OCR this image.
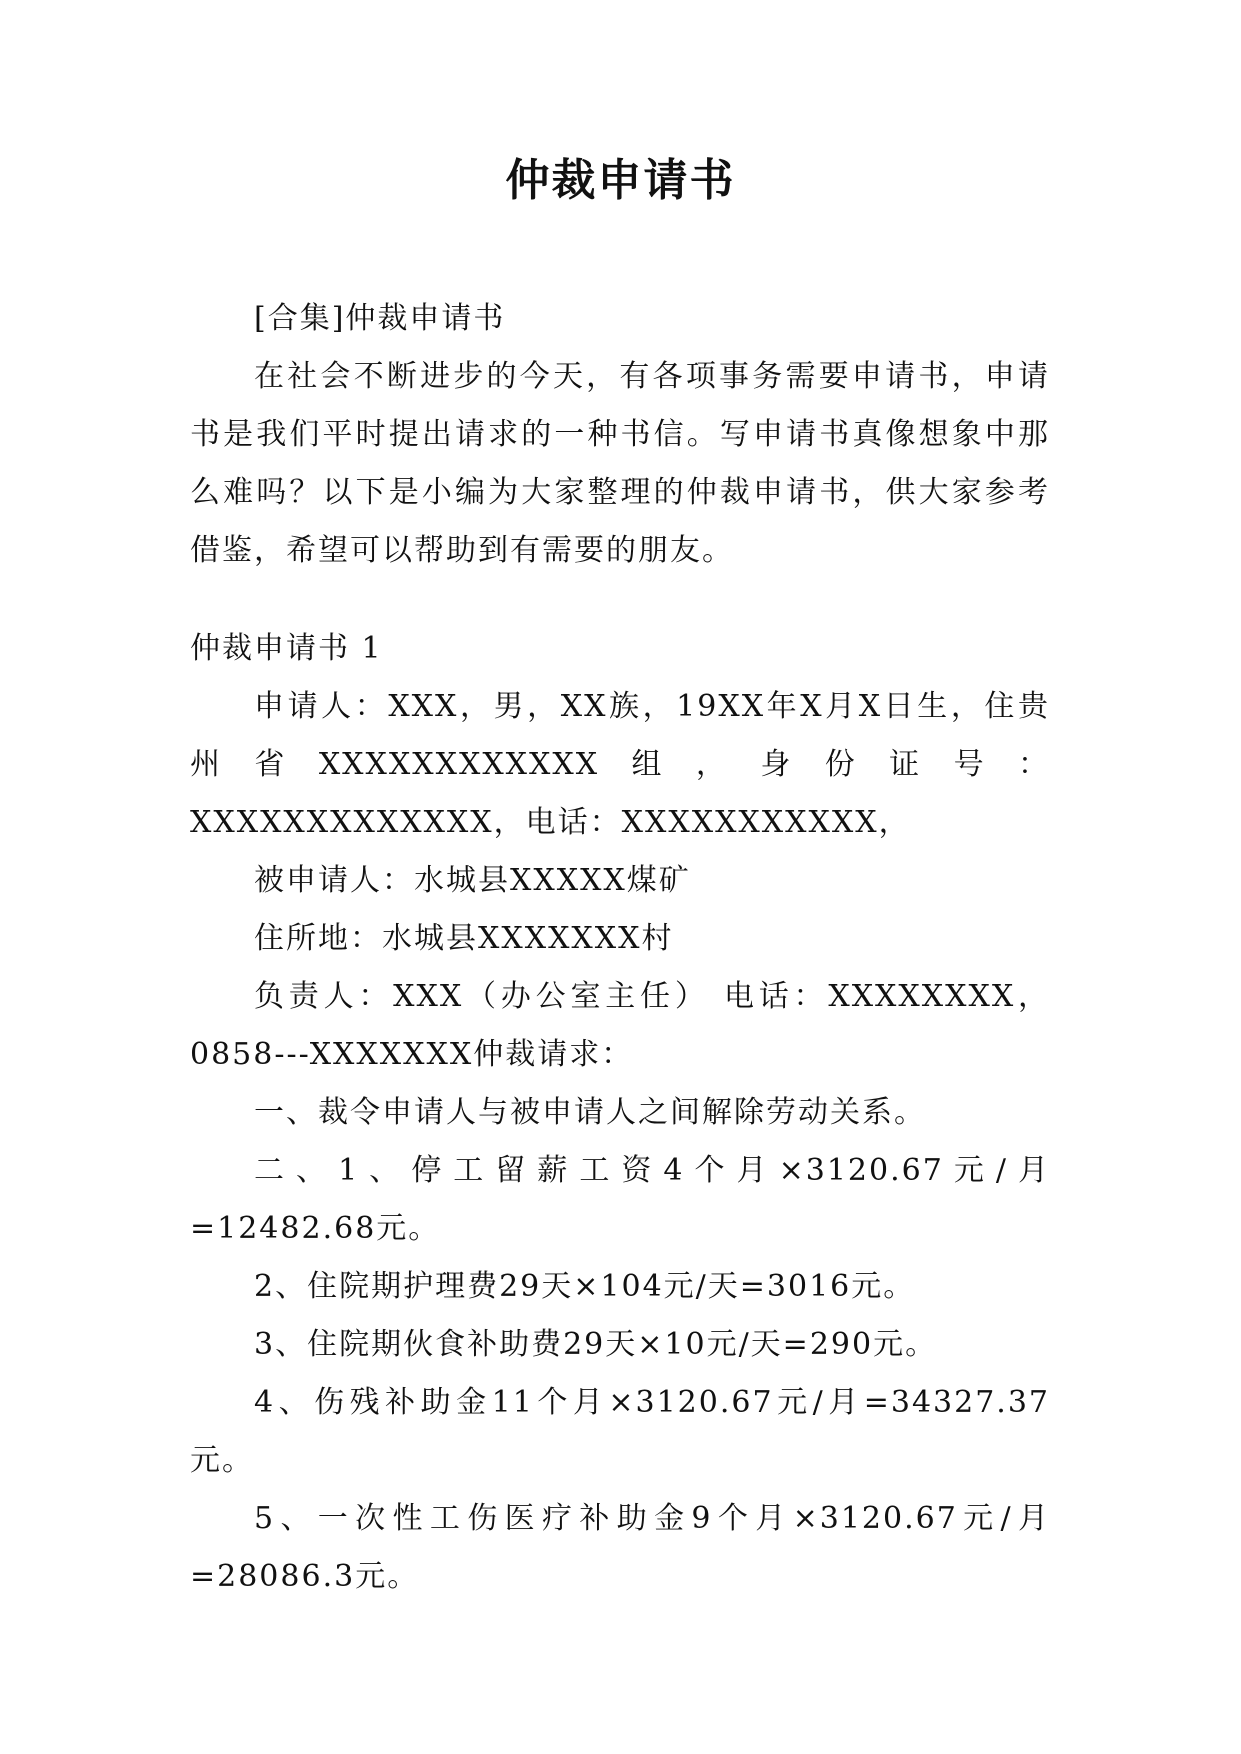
仲裁申请书

[合集]仲裁申请书

在社会不断进步的今天，有各项事务需要申请书，申请书是我们平时提出请求的一种书信。写申请书真像想象中那么难吗？以下是小编为大家整理的仲裁申请书，供大家参考借鉴，希望可以帮助到有需要的朋友。

仲裁申请书 1

申请人：XXX，男，XX族，19XX年X月X日生，住贵州省XXXXXXXXXXXX组，身份证号：XXXXXXXXXXXXX，电话：XXXXXXXXXXX，

被申请人：水城县XXXXX煤矿

住所地：水城县XXXXXXX村

负责人：XXX（办公室主任） 电话：XXXXXXXX，0858---XXXXXXX仲裁请求：

一、裁令申请人与被申请人之间解除劳动关系。

二、1、停工留薪工资4个月×3120.67元/月=12482.68元。

2、住院期护理费29天×104元/天=3016元。

3、住院期伙食补助费29天×10元/天=290元。

4、伤残补助金11个月×3120.67元/月=34327.37元。

5、一次性工伤医疗补助金9个月×3120.67元/月=28086.3元。
